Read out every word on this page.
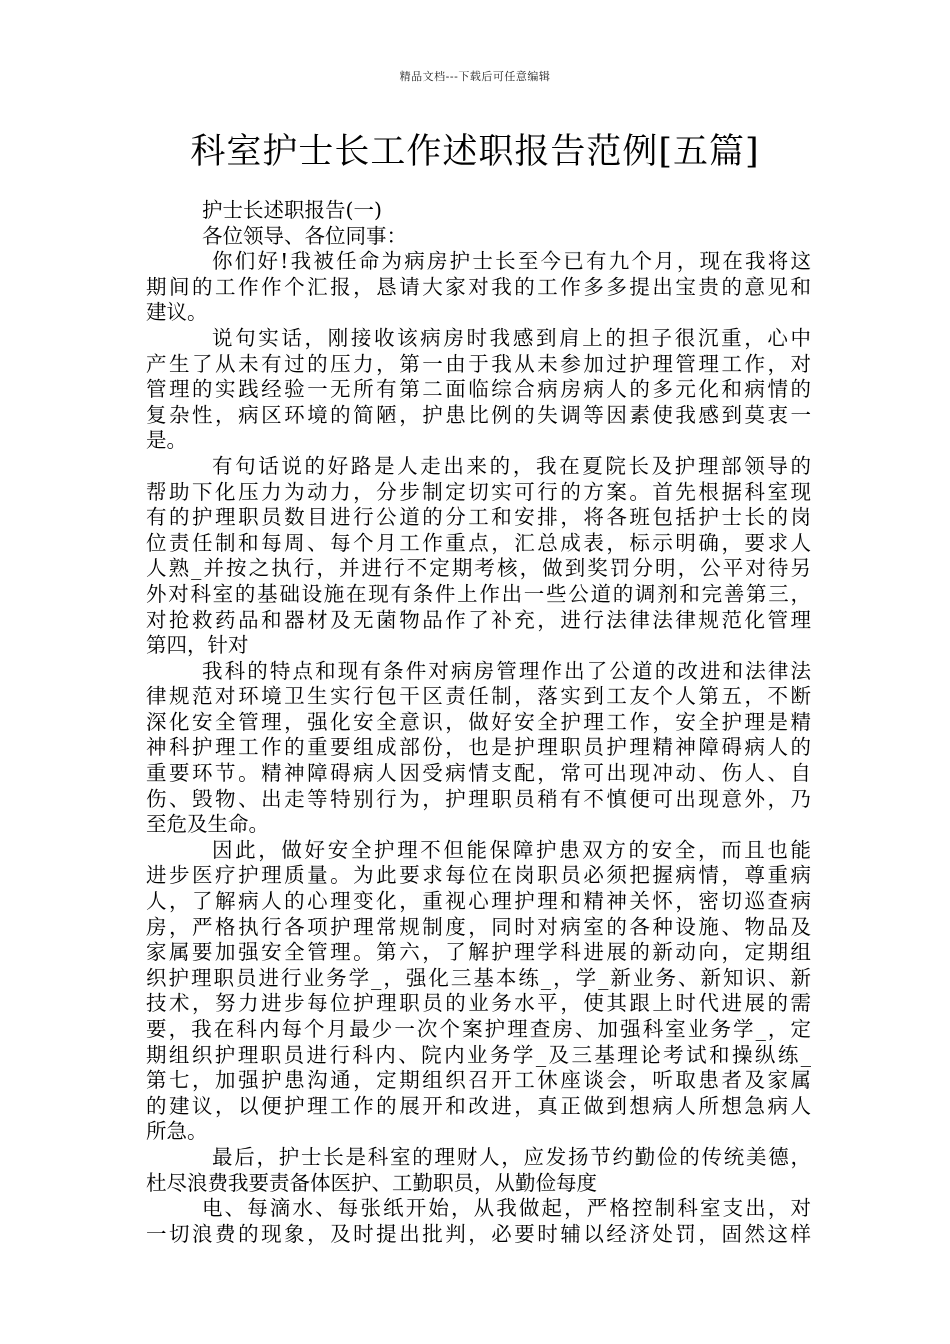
精品文档---下载后可任意编辑
科室护士长工作述职报告范例[五篇]
护士长述职报告(一)
各位领导、各位同事：
你们好!我被任命为病房护士长至今已有九个月，现在我将这
期间的工作作个汇报，恳请大家对我的工作多多提出宝贵的意见和
建议。
说句实话，刚接收该病房时我感到肩上的担子很沉重，心中
产生了从未有过的压力，第一由于我从未参加过护理管理工作，对
管理的实践经验一无所有第二面临综合病房病人的多元化和病情的
复杂性，病区环境的简陋，护患比例的失调等因素使我感到莫衷一
是。
有句话说的好路是人走出来的，我在夏院长及护理部领导的
帮助下化压力为动力，分步制定切实可行的方案。首先根据科室现
有的护理职员数目进行公道的分工和安排，将各班包括护士长的岗
位责任制和每周、每个月工作重点，汇总成表，标示明确，要求人
人熟_并按之执行，并进行不定期考核，做到奖罚分明，公平对待另
外对科室的基础设施在现有条件上作出一些公道的调剂和完善第三，
对抢救药品和器材及无菌物品作了补充，进行法律法律规范化管理
第四，针对
我科的特点和现有条件对病房管理作出了公道的改进和法律法
律规范对环境卫生实行包干区责任制，落实到工友个人第五，不断
深化安全管理，强化安全意识，做好安全护理工作，安全护理是精
神科护理工作的重要组成部份，也是护理职员护理精神障碍病人的
重要环节。精神障碍病人因受病情支配，常可出现冲动、伤人、自
伤、毁物、出走等特别行为，护理职员稍有不慎便可出现意外，乃
至危及生命。
因此，做好安全护理不但能保障护患双方的安全，而且也能
进步医疗护理质量。为此要求每位在岗职员必须把握病情，尊重病
人，了解病人的心理变化，重视心理护理和精神关怀，密切巡查病
房，严格执行各项护理常规制度，同时对病室的各种设施、物品及
家属要加强安全管理。第六，了解护理学科进展的新动向，定期组
织护理职员进行业务学_，强化三基本练_，学_新业务、新知识、新
技术，努力进步每位护理职员的业务水平，使其跟上时代进展的需
要，我在科内每个月最少一次个案护理查房、加强科室业务学_，定
期组织护理职员进行科内、院内业务学_及三基理论考试和操纵练_
第七，加强护患沟通，定期组织召开工休座谈会，听取患者及家属
的建议，以便护理工作的展开和改进，真正做到想病人所想急病人
所急。
最后，护士长是科室的理财人，应发扬节约勤俭的传统美德，
杜尽浪费我要责备体医护、工勤职员，从勤俭每度
电、每滴水、每张纸开始，从我做起，严格控制科室支出，对
一切浪费的现象，及时提出批判，必要时辅以经济处罚，固然这样
